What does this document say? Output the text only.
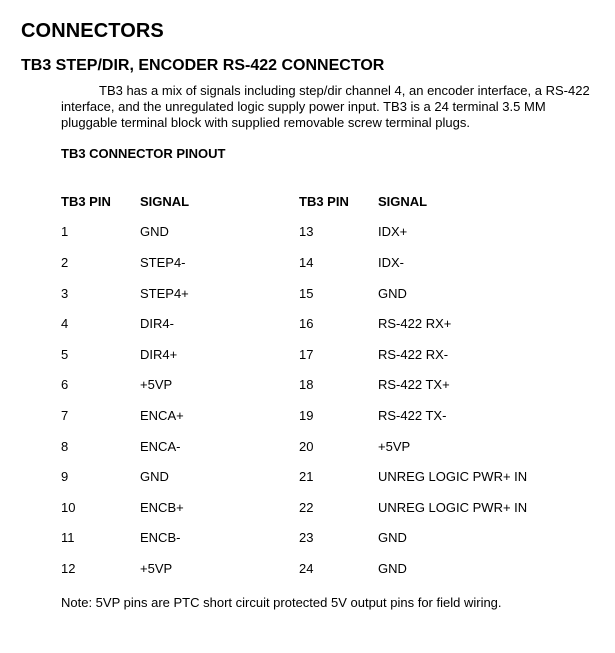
CONNECTORS
TB3 STEP/DIR, ENCODER RS-422 CONNECTOR

TB3 has a mix of signals including step/dir channel 4, an encoder interface, a RS-422 interface, and the unregulated logic supply power input. TB3 is a 24 terminal 3.5 MM pluggable terminal block with supplied removable screw terminal plugs.

TB3 CONNECTOR PINOUT
TB3 PIN	SIGNAL	TB3 PIN	SIGNAL
1	GND	13	IDX+
2	STEP4-	14	IDX-
3	STEP4+	15	GND
4	DIR4-	16	RS-422 RX+
5	DIR4+	17	RS-422 RX-
6	+5VP	18	RS-422 TX+
7	ENCA+	19	RS-422 TX-
8	ENCA-	20	+5VP
9	GND	21	UNREG LOGIC PWR+ IN
10	ENCB+	22	UNREG LOGIC PWR+ IN
11	ENCB-	23	GND
12	+5VP	24	GND
Note: 5VP pins are PTC short circuit protected 5V output pins for field wiring.
